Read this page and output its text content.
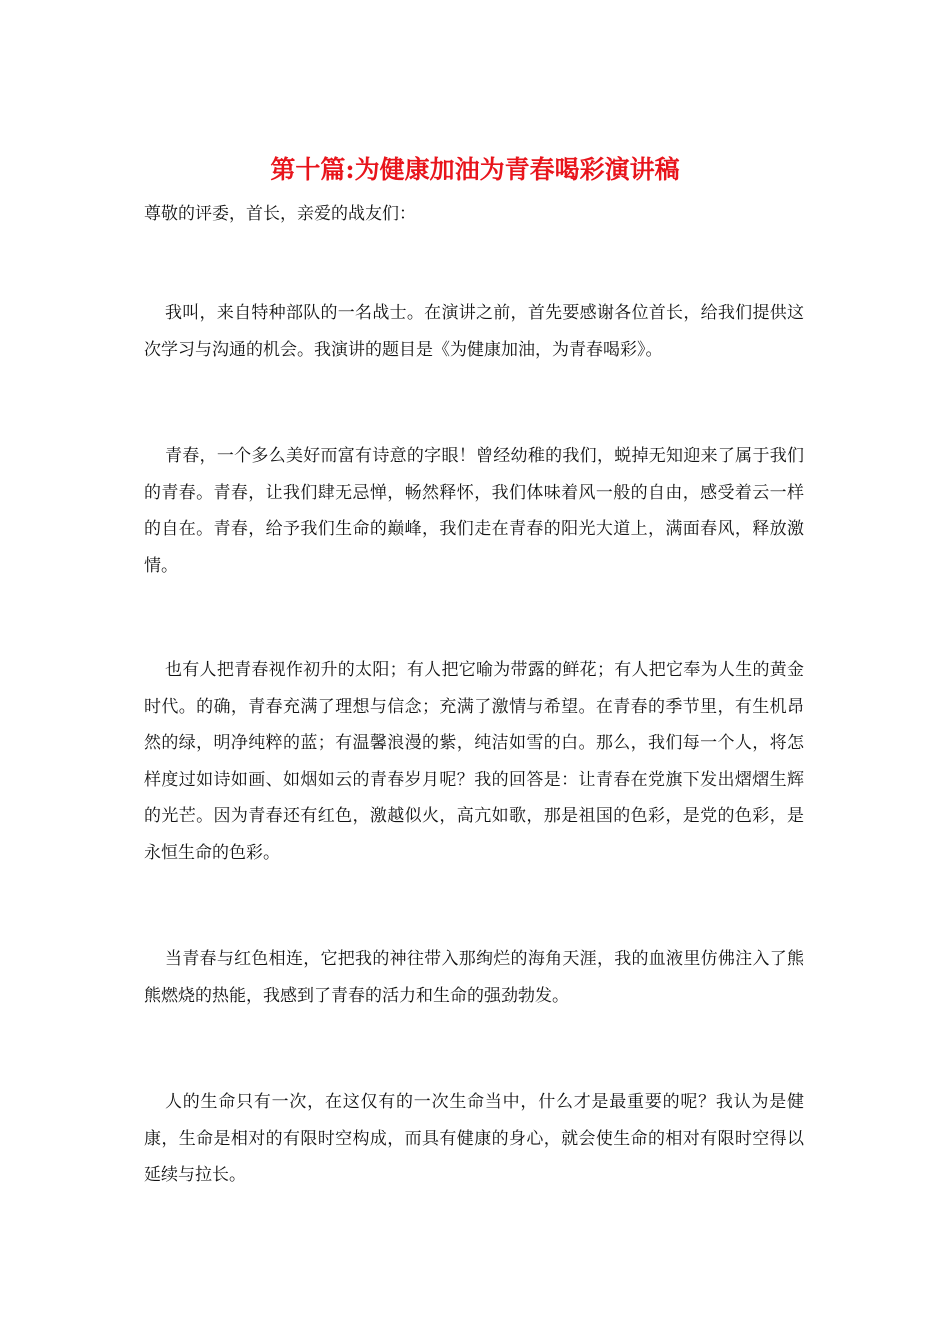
第十篇:为健康加油为青春喝彩演讲稿

尊敬的评委，首长，亲爱的战友们：

我叫，来自特种部队的一名战士。在演讲之前，首先要感谢各位首长，给我们提供这次学习与沟通的机会。我演讲的题目是《为健康加油，为青春喝彩》。

青春，一个多么美好而富有诗意的字眼！曾经幼稚的我们，蜕掉无知迎来了属于我们的青春。青春，让我们肆无忌惮，畅然释怀，我们体味着风一般的自由，感受着云一样的自在。青春，给予我们生命的巅峰，我们走在青春的阳光大道上，满面春风，释放激情。

也有人把青春视作初升的太阳；有人把它喻为带露的鲜花；有人把它奉为人生的黄金时代。的确，青春充满了理想与信念；充满了激情与希望。在青春的季节里，有生机昂然的绿，明净纯粹的蓝；有温馨浪漫的紫，纯洁如雪的白。那么，我们每一个人，将怎样度过如诗如画、如烟如云的青春岁月呢？我的回答是：让青春在党旗下发出熠熠生辉的光芒。因为青春还有红色，激越似火，高亢如歌，那是祖国的色彩，是党的色彩，是永恒生命的色彩。

当青春与红色相连，它把我的神往带入那绚烂的海角天涯，我的血液里仿佛注入了熊熊燃烧的热能，我感到了青春的活力和生命的强劲勃发。

人的生命只有一次，在这仅有的一次生命当中，什么才是最重要的呢？我认为是健康，生命是相对的有限时空构成，而具有健康的身心，就会使生命的相对有限时空得以延续与拉长。
